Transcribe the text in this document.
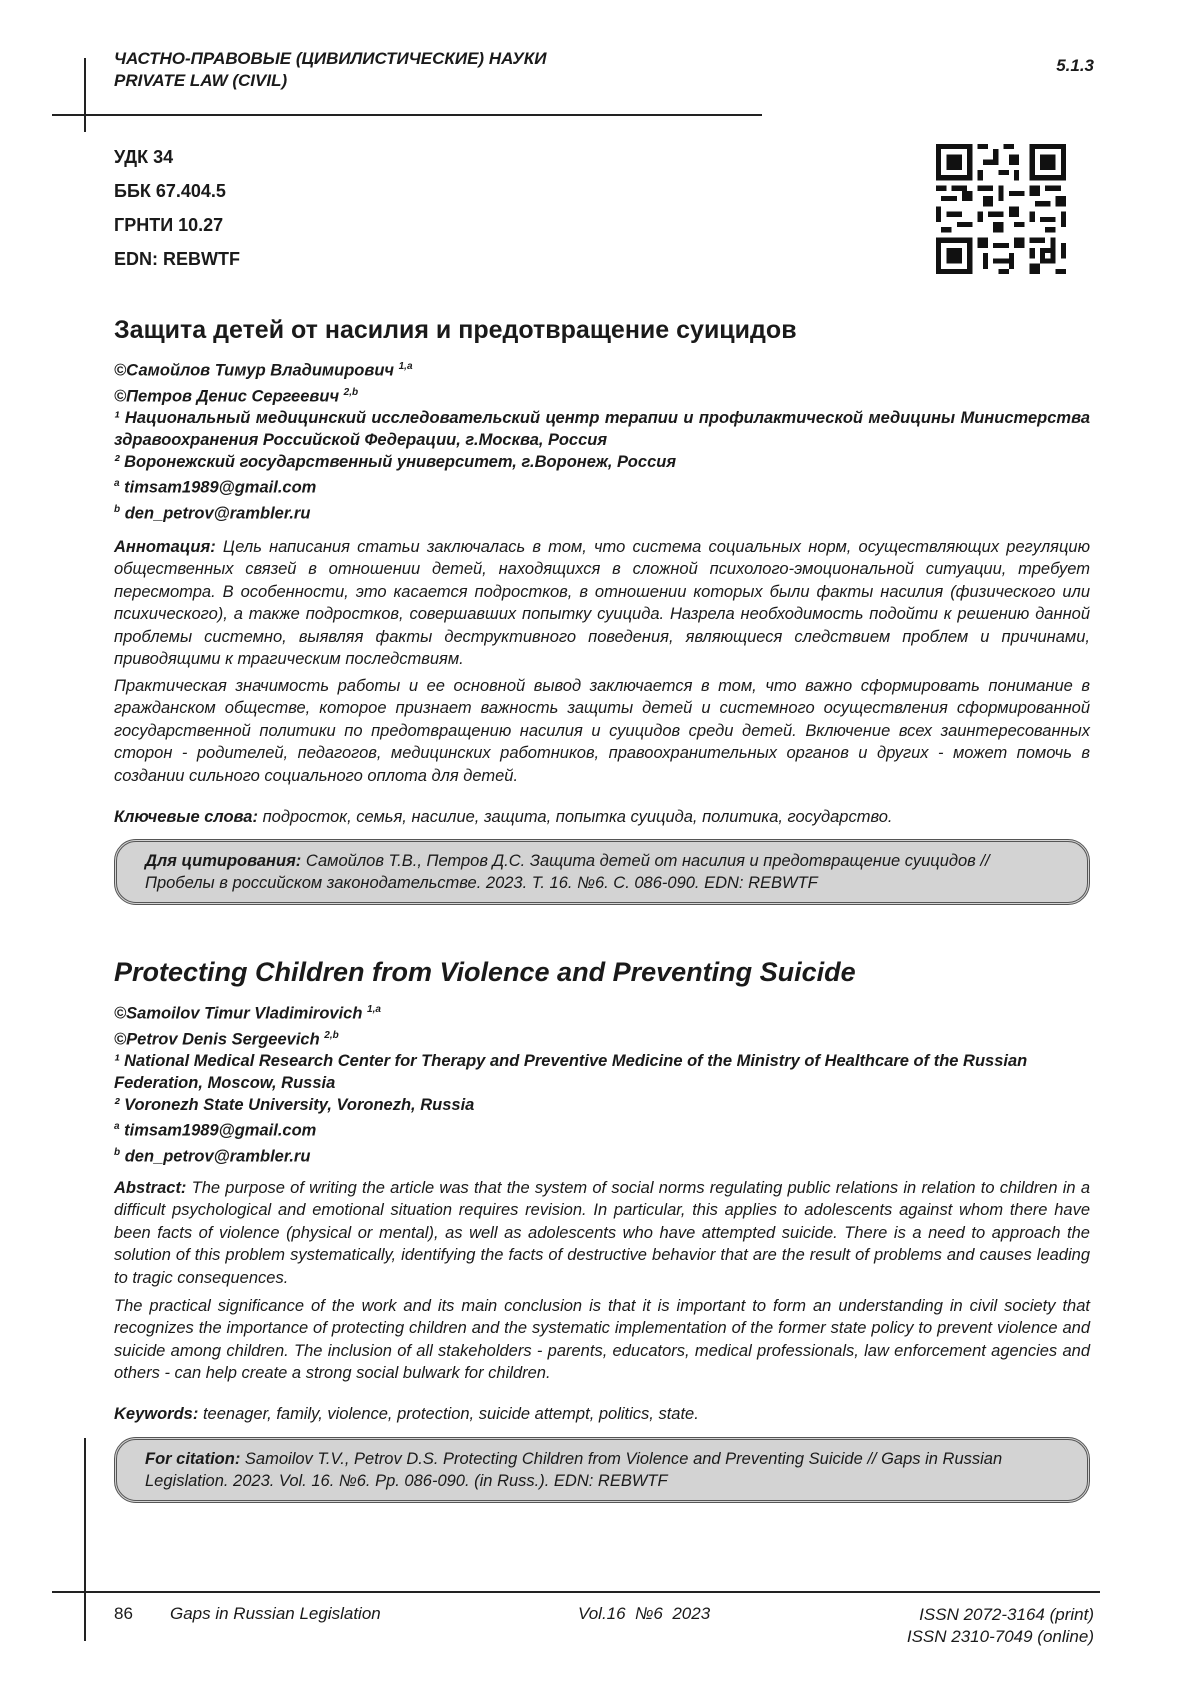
ЧАСТНО-ПРАВОВЫЕ (ЦИВИЛИСТИЧЕСКИЕ) НАУКИ
PRIVATE LAW (CIVIL)
5.1.3
УДК 34
ББК 67.404.5
ГРНТИ 10.27
EDN: REBWTF
Защита детей от насилия и предотвращение суицидов
©Самойлов Тимур Владимирович $^{1,a}$
©Петров Денис Сергеевич $^{2,b}$
¹ Национальный медицинский исследовательский центр терапии и профилактической медицины Министерства здравоохранения Российской Федерации, г.Москва, Россия
² Воронежский государственный университет, г.Воронеж, Россия
$^a$ timsam1989@gmail.com
$^b$ den_petrov@rambler.ru
Аннотация: Цель написания статьи заключалась в том, что система социальных норм, осуществляющих регуляцию общественных связей в отношении детей, находящихся в сложной психолого-эмоциональной ситуации, требует пересмотра. В особенности, это касается подростков, в отношении которых были факты насилия (физического или психического), а также подростков, совершавших попытку суицида. Назрела необходимость подойти к решению данной проблемы системно, выявляя факты деструктивного поведения, являющиеся следствием проблем и причинами, приводящими к трагическим последствиям.
Практическая значимость работы и ее основной вывод заключается в том, что важно сформировать понимание в гражданском обществе, которое признает важность защиты детей и системного осуществления сформированной государственной политики по предотвращению насилия и суицидов среди детей. Включение всех заинтересованных сторон - родителей, педагогов, медицинских работников, правоохранительных органов и других - может помочь в создании сильного социального оплота для детей.
Ключевые слова: подросток, семья, насилие, защита, попытка суицида, политика, государство.
Для цитирования: Самойлов Т.В., Петров Д.С. Защита детей от насилия и предотвращение суицидов // Пробелы в российском законодательстве. 2023. Т. 16. №6. С. 086-090. EDN: REBWTF
Protecting Children from Violence and Preventing Suicide
©Samoilov Timur Vladimirovich $^{1,a}$
©Petrov Denis Sergeevich $^{2,b}$
¹ National Medical Research Center for Therapy and Preventive Medicine of the Ministry of Healthcare of the Russian Federation, Moscow, Russia
² Voronezh State University, Voronezh, Russia
$^a$ timsam1989@gmail.com
$^b$ den_petrov@rambler.ru
Abstract: The purpose of writing the article was that the system of social norms regulating public relations in relation to children in a difficult psychological and emotional situation requires revision. In particular, this applies to adolescents against whom there have been facts of violence (physical or mental), as well as adolescents who have attempted suicide. There is a need to approach the solution of this problem systematically, identifying the facts of destructive behavior that are the result of problems and causes leading to tragic consequences.
The practical significance of the work and its main conclusion is that it is important to form an understanding in civil society that recognizes the importance of protecting children and the systematic implementation of the former state policy to prevent violence and suicide among children. The inclusion of all stakeholders - parents, educators, medical professionals, law enforcement agencies and others - can help create a strong social bulwark for children.
Keywords: teenager, family, violence, protection, suicide attempt, politics, state.
For citation: Samoilov T.V., Petrov D.S. Protecting Children from Violence and Preventing Suicide // Gaps in Russian Legislation. 2023. Vol. 16. №6. Pp. 086-090. (in Russ.). EDN: REBWTF
86 Gaps in Russian Legislation	Vol.16  №6  2023	ISSN 2072-3164 (print)
ISSN 2310-7049 (online)
